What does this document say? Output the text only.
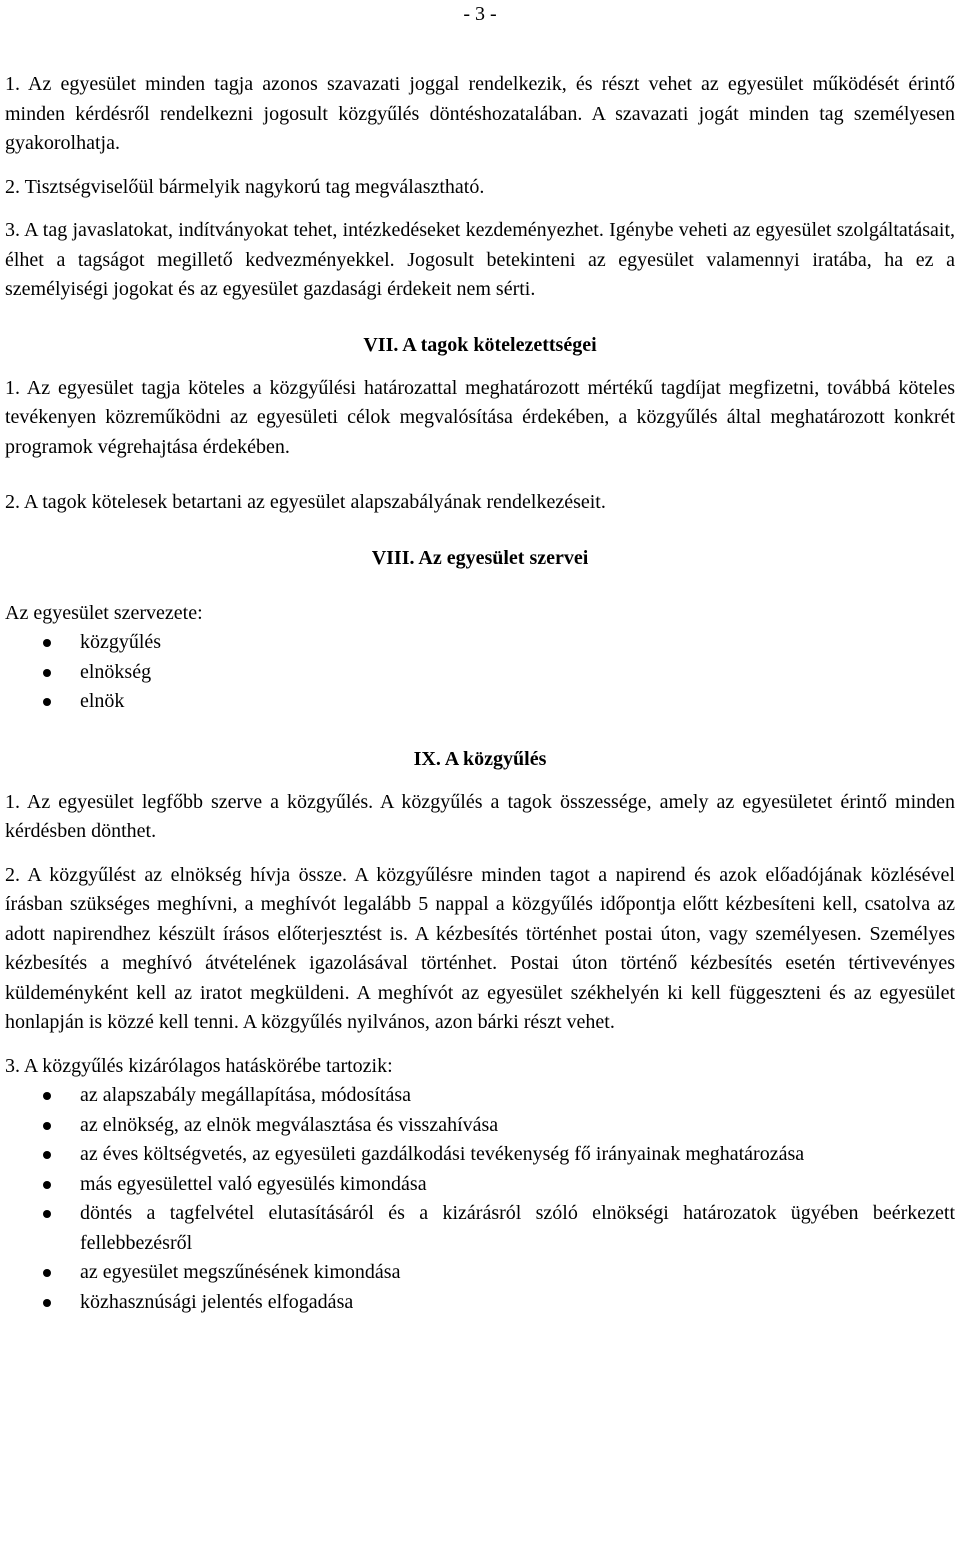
- 3 -

1. Az egyesület minden tagja azonos szavazati joggal rendelkezik, és részt vehet az egyesület működését érintő minden kérdésről rendelkezni jogosult közgyűlés döntéshozatalában. A szavazati jogát minden tag személyesen gyakorolhatja.

2. Tisztségviselőül bármelyik nagykorú tag megválasztható.

3. A tag javaslatokat, indítványokat tehet, intézkedéseket kezdeményezhet. Igénybe veheti az egyesület szolgáltatásait, élhet a tagságot megillető kedvezményekkel. Jogosult betekinteni az egyesület valamennyi iratába, ha ez a személyiségi jogokat és az egyesület gazdasági érdekeit nem sérti.

VII. A tagok kötelezettségei

1. Az egyesület tagja köteles a közgyűlési határozattal meghatározott mértékű tagdíjat megfizetni, továbbá köteles tevékenyen közreműködni az egyesületi célok megvalósítása érdekében, a közgyűlés által meghatározott konkrét programok végrehajtása érdekében.

2. A tagok kötelesek betartani az egyesület alapszabályának rendelkezéseit.

VIII. Az egyesület szervei

Az egyesület szervezete:

közgyűlés
elnökség
elnök
IX. A közgyűlés

1. Az egyesület legfőbb szerve a közgyűlés. A közgyűlés a tagok összessége, amely az egyesületet érintő minden kérdésben dönthet.

2. A közgyűlést az elnökség hívja össze. A közgyűlésre minden tagot a napirend és azok előadójának közlésével írásban szükséges meghívni, a meghívót legalább 5 nappal a közgyűlés időpontja előtt kézbesíteni kell, csatolva az adott napirendhez készült írásos előterjesztést is. A kézbesítés történhet postai úton, vagy személyesen. Személyes kézbesítés a meghívó átvételének igazolásával történhet. Postai úton történő kézbesítés esetén tértivevényes küldeményként kell az iratot megküldeni. A meghívót az egyesület székhelyén ki kell függeszteni és az egyesület honlapján is közzé kell tenni. A közgyűlés nyilvános, azon bárki részt vehet.

3. A közgyűlés kizárólagos hatáskörébe tartozik:

az alapszabály megállapítása, módosítása
az elnökség, az elnök megválasztása és visszahívása
az éves költségvetés, az egyesületi gazdálkodási tevékenység fő irányainak meghatározása
más egyesülettel való egyesülés kimondása
döntés a tagfelvétel elutasításáról és a kizárásról szóló elnökségi határozatok ügyében beérkezett fellebbezésről
az egyesület megszűnésének kimondása
közhasznúsági jelentés elfogadása
